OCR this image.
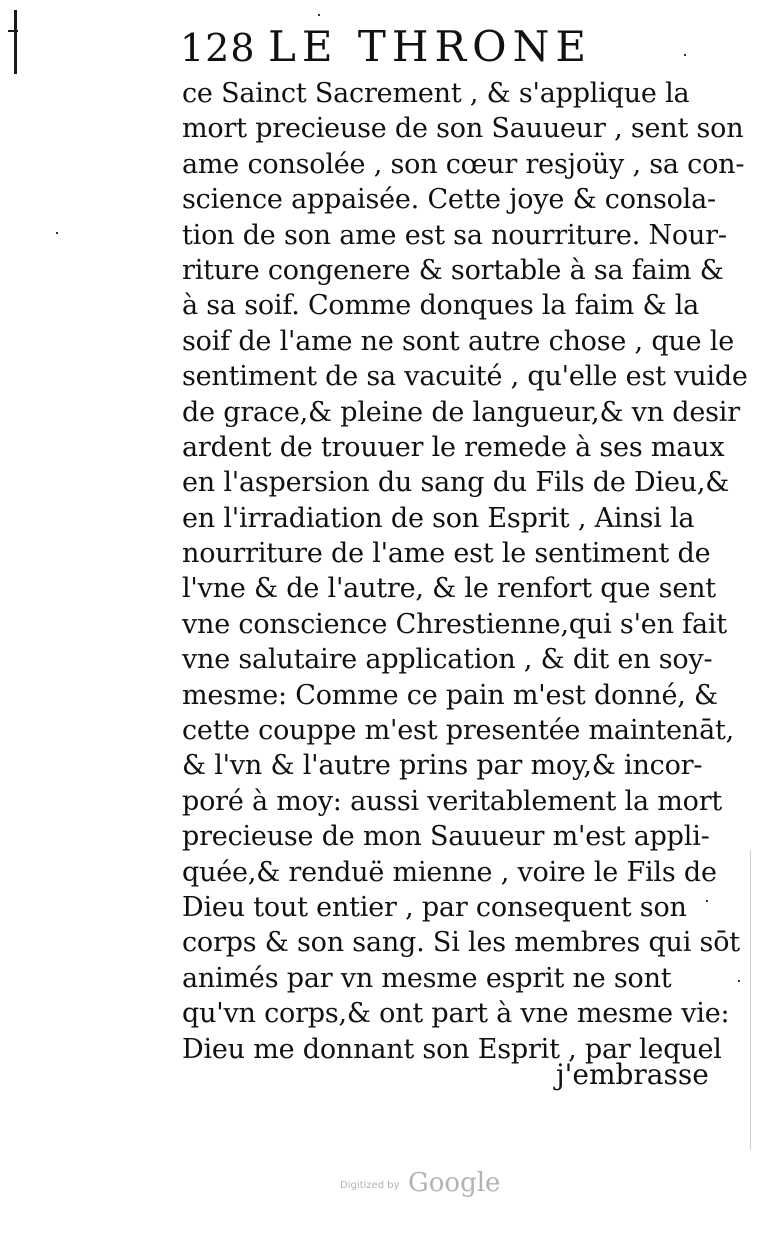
128 LE THRONE
ce Sainct Sacrement , & s'applique la
mort precieuse de son Sauueur , sent son
ame consolée , son cœur resjoüy , sa con-
science appaisée. Cette joye & consola-
tion de son ame est sa nourriture. Nour-
riture congenere & sortable à sa faim &
à sa soif. Comme donques la faim & la
soif de l'ame ne sont autre chose , que le
sentiment de sa vacuité , qu'elle est vuide
de grace,& pleine de langueur,& vn desir
ardent de trouuer le remede à ses maux
en l'aspersion du sang du Fils de Dieu,&
en l'irradiation de son Esprit , Ainsi la
nourriture de l'ame est le sentiment de
l'vne & de l'autre, & le renfort que sent
vne conscience Chrestienne,qui s'en fait
vne salutaire application , & dit en soy-
mesme: Comme ce pain m'est donné, &
cette couppe m'est presentée maintenāt,
& l'vn & l'autre prins par moy,& incor-
poré à moy: aussi veritablement la mort
precieuse de mon Sauueur m'est appli-
quée,& renduë mienne , voire le Fils de
Dieu tout entier , par consequent son
corps & son sang. Si les membres qui sōt
animés par vn mesme esprit ne sont
qu'vn corps,& ont part à vne mesme vie:
Dieu me donnant son Esprit , par lequel
j'embrasse
Digitized by Google
